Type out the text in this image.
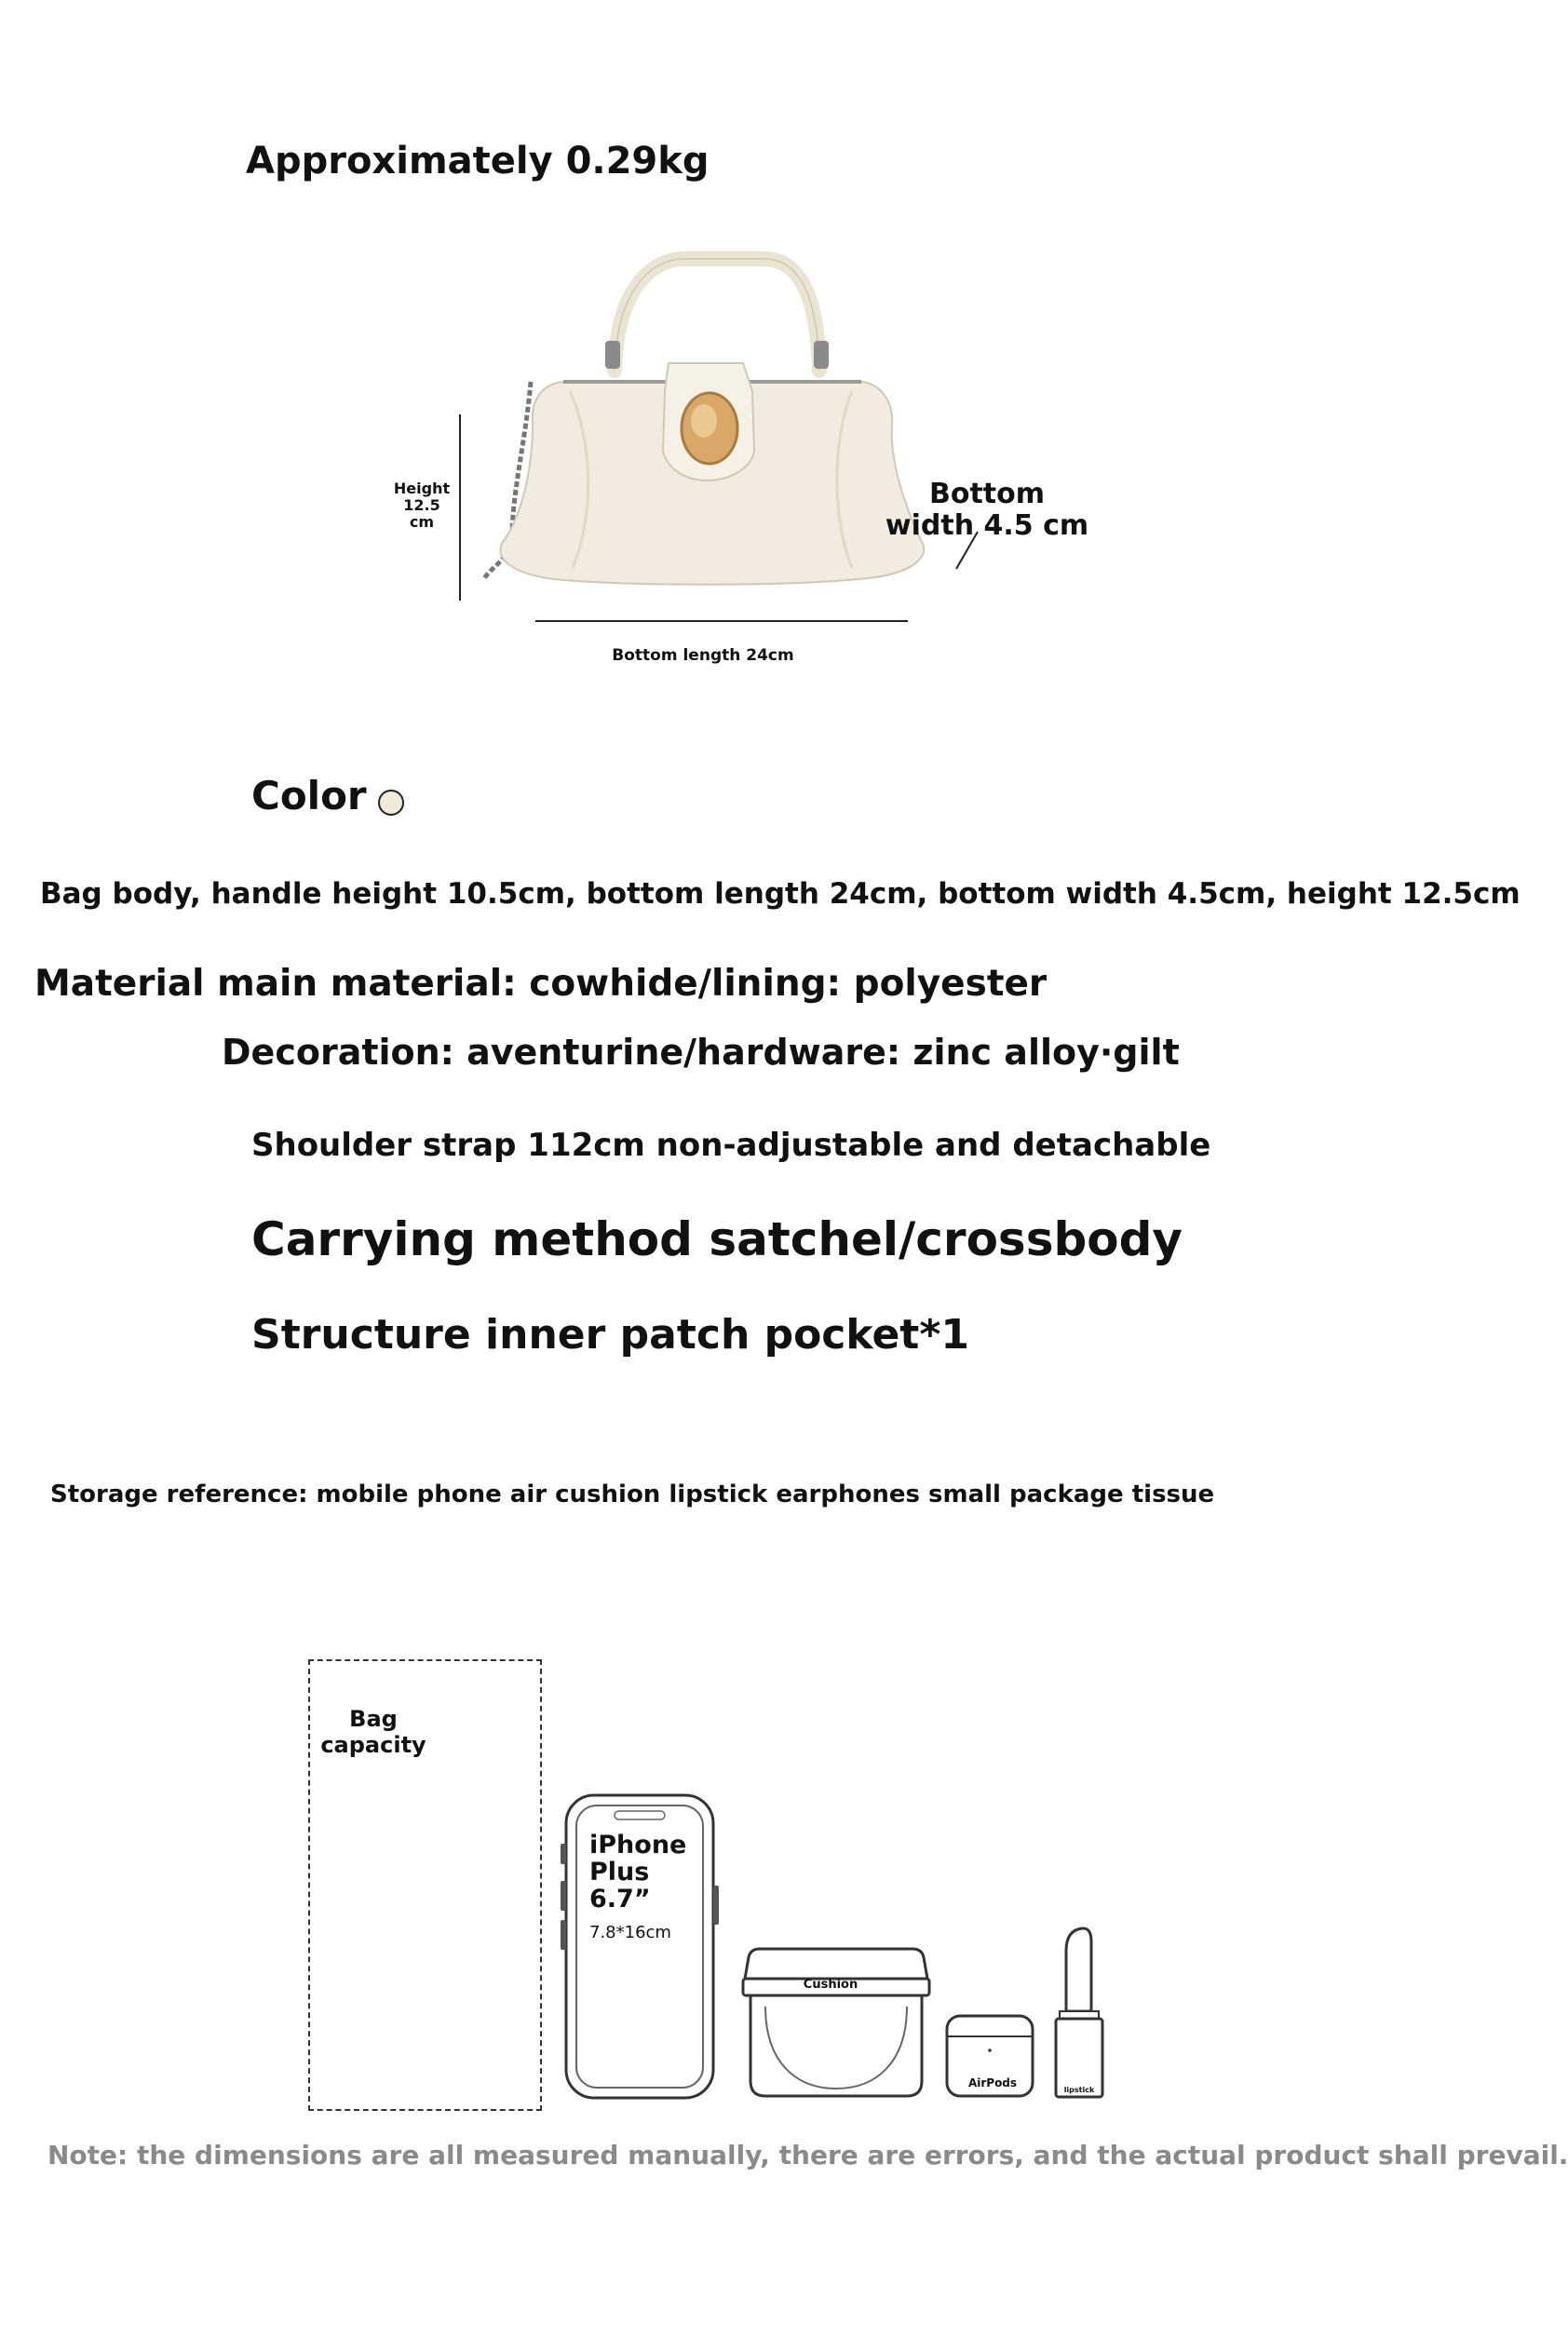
Approximately 0.29kg
Height 12.5 cm
Bottom width 4.5 cm
Bottom length 24cm
Color
Bag body, handle height 10.5cm, bottom length 24cm, bottom width 4.5cm, height 12.5cm
Material main material: cowhide/lining: polyester
Decoration: aventurine/hardware: zinc alloy·gilt
Shoulder strap 112cm non-adjustable and detachable
Carrying method satchel/crossbody
Structure inner patch pocket*1
Storage reference: mobile phone air cushion lipstick earphones small package tissue
Bag capacity
iPhone Plus 6.7”
7.8*16cm
Cushion
AirPods
lipstick
Note: the dimensions are all measured manually, there are errors, and the actual product shall prevail.
